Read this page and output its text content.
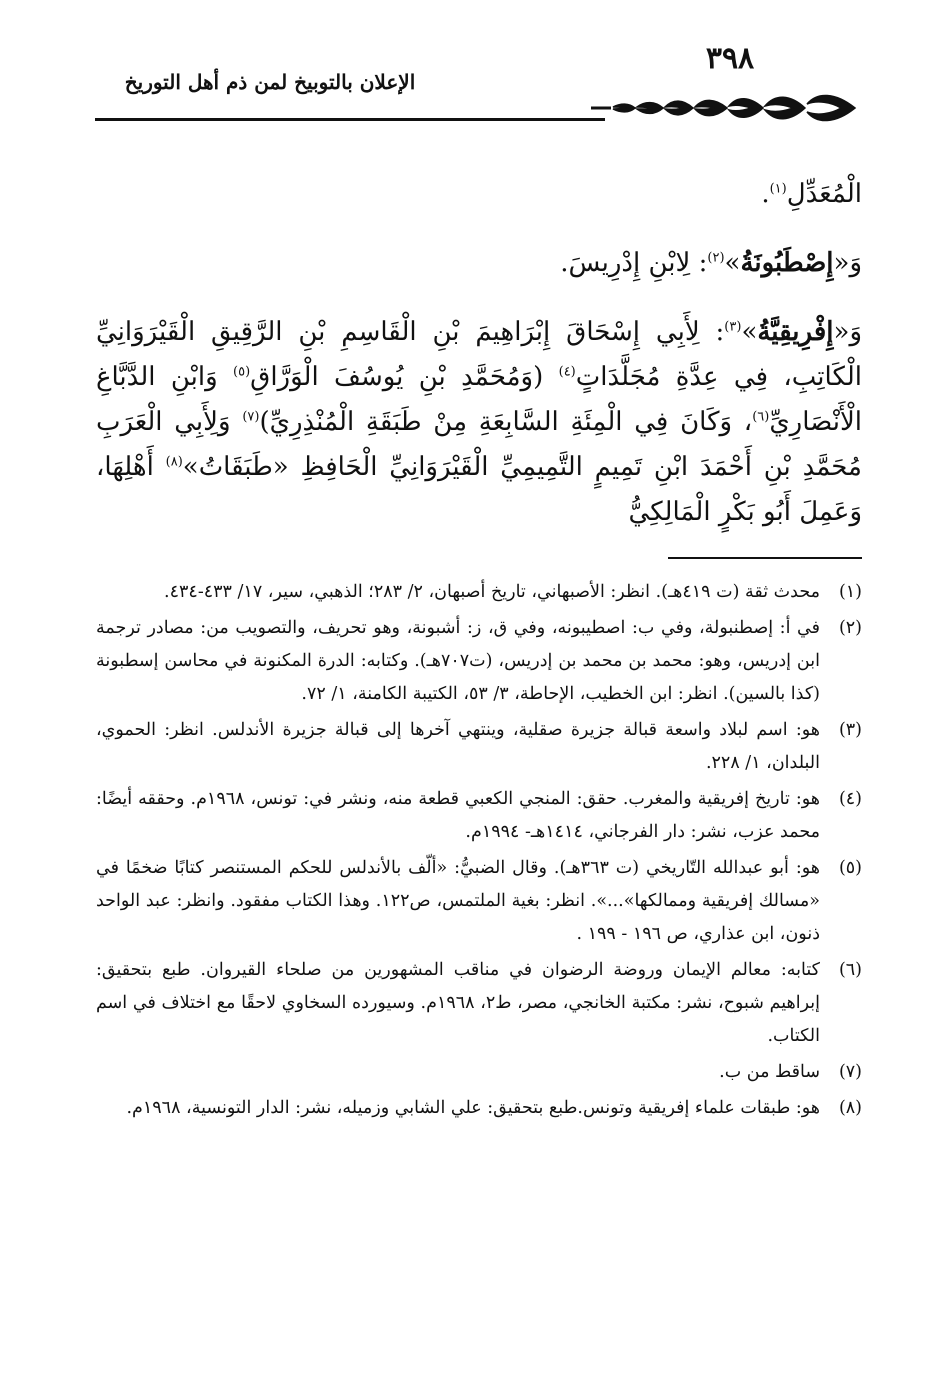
٣٩٨
الإعلان بالتوبيخ لمن ذم أهل التوريخ

الْمُعَدِّلِ$^{(١)}$.

وَ«إِصْطَبُونَةُ»$^{(٢)}$: لِابْنِ إِدْرِيسَ.

وَ«إِفْرِيقِيَّةُ»$^{(٣)}$: لِأَبِي إِسْحَاقَ إِبْرَاهِيمَ بْنِ الْقَاسِمِ بْنِ الرَّقِيقِ الْقَيْرَوَانِيِّ الْكَاتِبِ، فِي عِدَّةِ مُجَلَّدَاتٍ$^{(٤)}$ (وَمُحَمَّدِ بْنِ يُوسُفَ الْوَرَّاقِ$^{(٥)}$ وَابْنِ الدَّبَّاغِ الْأَنْصَارِيِّ$^{(٦)}$، وَكَانَ فِي الْمِئَةِ السَّابِعَةِ مِنْ طَبَقَةِ الْمُنْذِرِيِّ)$^{(٧)}$ وَلِأَبِي الْعَرَبِ مُحَمَّدِ بْنِ أَحْمَدَ ابْنِ تَمِيمٍ التَّمِيمِيِّ الْقَيْرَوَانِيِّ الْحَافِظِ «طَبَقَاتُ»$^{(٨)}$ أَهْلِهَا، وَعَمِلَ أَبُو بَكْرٍ الْمَالِكِيُّ

(١)
محدث ثقة (ت ٤١٩هـ). انظر: الأصبهاني، تاريخ أصبهان، ٢/ ٢٨٣؛ الذهبي، سير، ١٧/ ٤٣٣-٤٣٤.
(٢)
في أ: إصطنبولة، وفي ب: اصطيبونه، وفي ق، ز: أشبونة، وهو تحريف، والتصويب من: مصادر ترجمة ابن إدريس، وهو: محمد بن محمد بن إدريس، (ت٧٠٧هـ). وكتابه: الدرة المكنونة في محاسن إسطبونة (كذا بالسين). انظر: ابن الخطيب، الإحاطة، ٣/ ٥٣، الكتيبة الكامنة، ١/ ٧٢.
(٣)
هو: اسم لبلاد واسعة قبالة جزيرة صقلية، وينتهي آخرها إلى قبالة جزيرة الأندلس. انظر: الحموي، البلدان، ١/ ٢٢٨.
(٤)
هو: تاريخ إفريقية والمغرب. حقق: المنجي الكعبي قطعة منه، ونشر في: تونس، ١٩٦٨م. وحققه أيضًا: محمد عزب، نشر: دار الفرجاني، ١٤١٤هـ- ١٩٩٤م.
(٥)
هو: أبو عبدالله التّاريخي (ت ٣٦٣هـ). وقال الضبيُّ: «ألّف بالأندلس للحكم المستنصر كتابًا ضخمًا في «مسالك إفريقية وممالكها»...». انظر: بغية الملتمس، ص١٢٢. وهذا الكتاب مفقود. وانظر: عبد الواحد ذنون، ابن عذاري، ص ١٩٦ - ١٩٩ .
(٦)
كتابه: معالم الإيمان وروضة الرضوان في مناقب المشهورين من صلحاء القيروان. طبع بتحقيق: إبراهيم شبوح، نشر: مكتبة الخانجي، مصر، ط٢، ١٩٦٨م. وسيورده السخاوي لاحقًا مع اختلاف في اسم الكتاب.
(٧)
ساقط من ب.
(٨)
هو: طبقات علماء إفريقية وتونس.طبع بتحقيق: علي الشابي وزميله، نشر: الدار التونسية، ١٩٦٨م.
